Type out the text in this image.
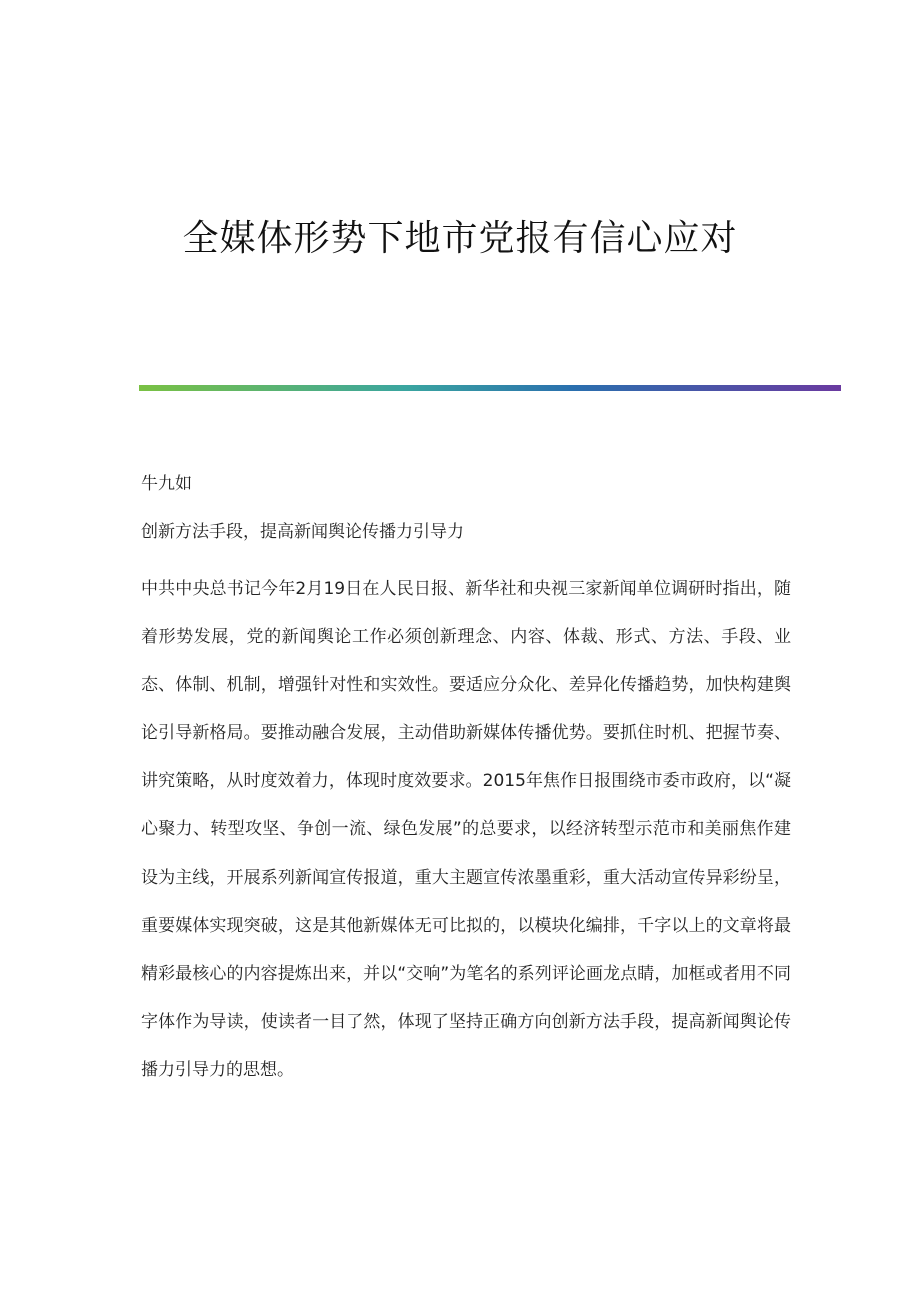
全媒体形势下地市党报有信心应对

牛九如

创新方法手段，提高新闻舆论传播力引导力

中共中央总书记今年2月19日在人民日报、新华社和央视三家新闻单位调研时指出，随着形势发展，党的新闻舆论工作必须创新理念、内容、体裁、形式、方法、手段、业态、体制、机制，增强针对性和实效性。要适应分众化、差异化传播趋势，加快构建舆论引导新格局。要推动融合发展，主动借助新媒体传播优势。要抓住时机、把握节奏、讲究策略，从时度效着力，体现时度效要求。2015年焦作日报围绕市委市政府，以“凝心聚力、转型攻坚、争创一流、绿色发展”的总要求，以经济转型示范市和美丽焦作建设为主线，开展系列新闻宣传报道，重大主题宣传浓墨重彩，重大活动宣传异彩纷呈，重要媒体实现突破，这是其他新媒体无可比拟的，以模块化编排，千字以上的文章将最精彩最核心的内容提炼出来，并以“交响”为笔名的系列评论画龙点睛，加框或者用不同字体作为导读，使读者一目了然，体现了坚持正确方向创新方法手段，提高新闻舆论传播力引导力的思想。
